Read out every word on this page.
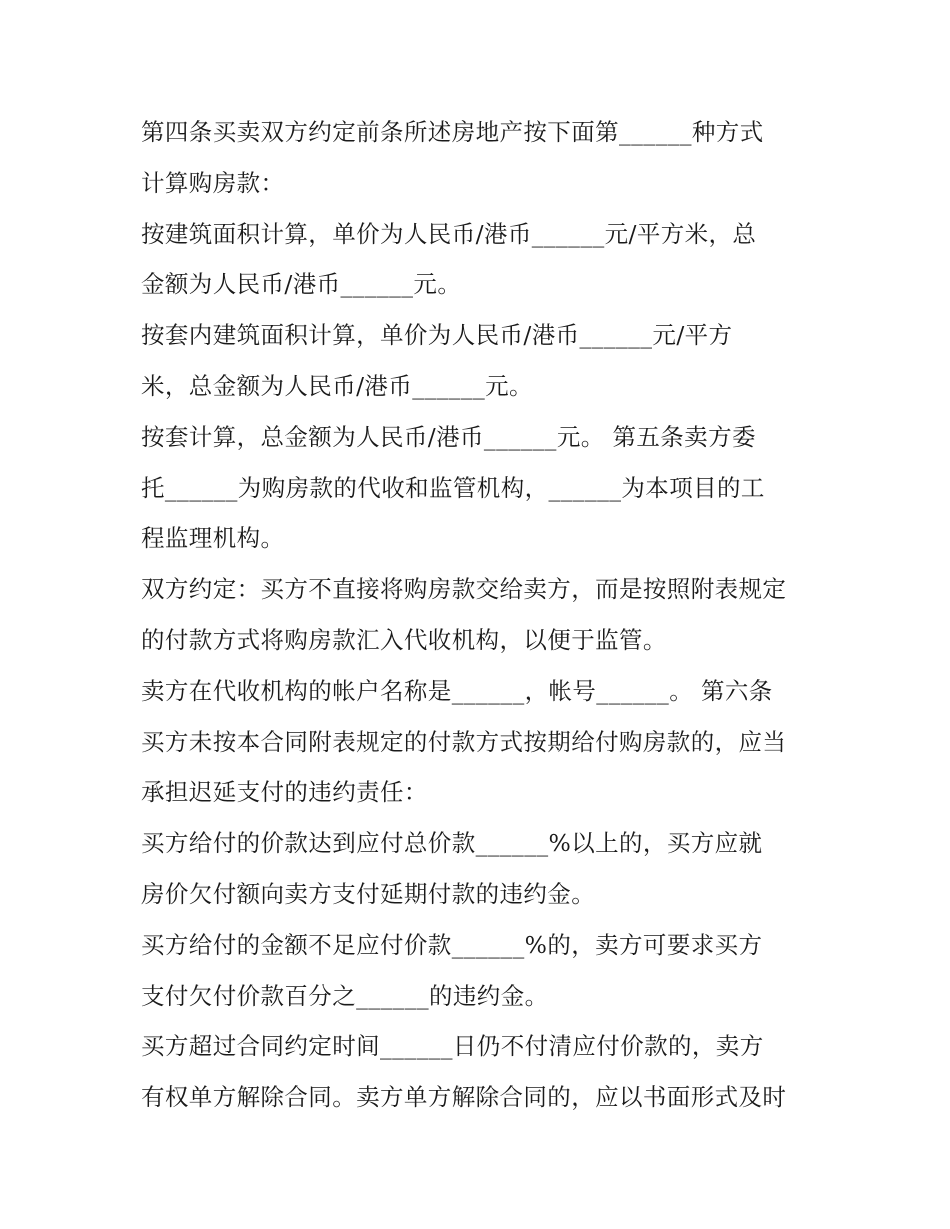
第四条买卖双方约定前条所述房地产按下面第______种方式
计算购房款：
按建筑面积计算，单价为人民币/港币______元/平方米，总
金额为人民币/港币______元。
按套内建筑面积计算，单价为人民币/港币______元/平方
米，总金额为人民币/港币______元。
按套计算，总金额为人民币/港币______元。 第五条卖方委
托______为购房款的代收和监管机构，______为本项目的工
程监理机构。
双方约定：买方不直接将购房款交给卖方，而是按照附表规定
的付款方式将购房款汇入代收机构，以便于监管。
卖方在代收机构的帐户名称是______，帐号______。 第六条
买方未按本合同附表规定的付款方式按期给付购房款的，应当
承担迟延支付的违约责任：
买方给付的价款达到应付总价款______%以上的，买方应就
房价欠付额向卖方支付延期付款的违约金。
买方给付的金额不足应付价款______%的，卖方可要求买方
支付欠付价款百分之______的违约金。
买方超过合同约定时间______日仍不付清应付价款的，卖方
有权单方解除合同。卖方单方解除合同的，应以书面形式及时
